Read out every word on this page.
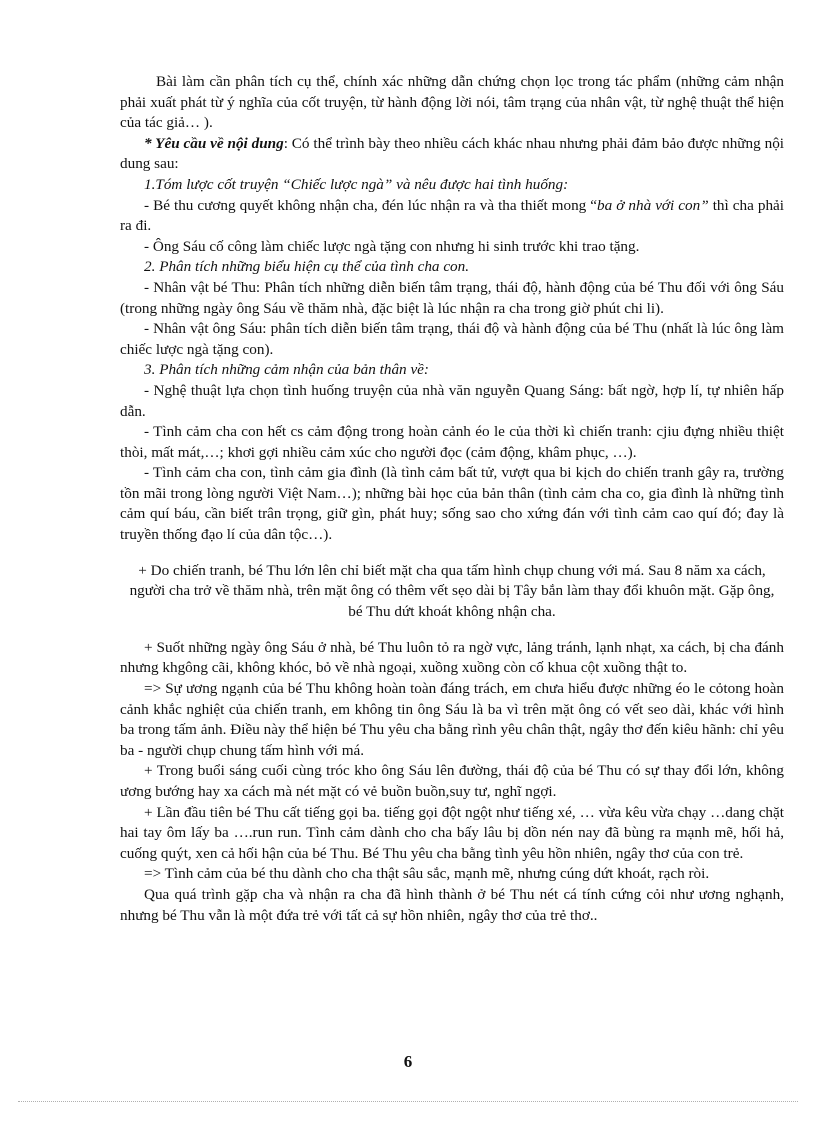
Bài làm cần phân tích cụ thể, chính xác những dẫn chứng chọn lọc trong tác phẩm (những cảm nhận phải xuất phát từ ý nghĩa của cốt truyện, từ hành động lời nói, tâm trạng của nhân vật, từ nghệ thuật thể hiện của tác giả… ).

* Yêu cầu về nội dung: Có thể trình bày theo nhiều cách khác nhau nhưng phải đảm bảo được những nội dung sau:

1.Tóm lược cốt truyện “Chiếc lược ngà” và nêu được hai tình huống:

- Bé thu cương quyết không nhận cha, đén lúc nhận ra và tha thiết mong “ba ở nhà với con” thì cha phải ra đi.

- Ông Sáu cố công làm chiếc lược ngà tặng con nhưng hi sinh trước khi trao tặng.

2. Phân tích những biểu hiện cụ thể của tình cha con.

- Nhân vật bé Thu: Phân tích những diễn biến tâm trạng, thái độ, hành động của bé Thu đối với ông Sáu (trong những ngày ông Sáu về thăm nhà, đặc biệt là lúc nhận ra cha trong giờ phút chi li).

- Nhân vật ông Sáu: phân tích diễn biến tâm trạng, thái độ và hành động của bé Thu (nhất là lúc ông làm chiếc lược ngà tặng con).

3. Phân tích những cảm nhận của bản thân về:

- Nghệ thuật lựa chọn tình huống truyện của nhà văn nguyễn Quang Sáng: bất ngờ, hợp lí, tự nhiên hấp dẫn.

- Tình cảm cha con hết cs cảm động trong hoàn cảnh éo le của thời kì chiến tranh: cjiu đựng nhiều thiệt thòi, mất mát,…; khơi gợi nhiều cảm xúc cho người đọc (cảm động, khâm phục, …).

- Tình cảm cha con, tình cảm gia đình (là tình cảm bất tử, vượt qua bi kịch do chiến tranh gây ra, trường tồn mãi trong lòng người Việt Nam…); những bài học của bản thân (tình cảm cha co, gia đình là những tình cảm quí báu, cần biết trân trọng, giữ gìn, phát huy; sống sao cho xứng đán với tình cảm cao quí đó; đay là truyền thống đạo lí của dân tộc…).

+ Do chiến tranh, bé Thu lớn lên chỉ biết mặt cha qua tấm hình chụp chung với má. Sau 8 năm xa cách, người cha trở về thăm nhà, trên mặt ông có thêm vết sẹo dài bị Tây bắn làm thay đổi khuôn mặt. Gặp ông, bé Thu dứt khoát không nhận cha.

+ Suốt những ngày ông Sáu ở nhà, bé Thu luôn tỏ ra ngờ vực, lảng tránh, lạnh nhạt, xa cách, bị cha đánh nhưng khgông cãi, không khóc, bỏ về nhà ngoại, xuồng xuồng còn cố khua cột xuồng thật to.

=> Sự ương ngạnh của bé Thu không hoàn toàn đáng trách, em chưa hiểu được những éo le cỏtong hoàn cảnh khắc nghiệt của chiến tranh, em không tin ông Sáu là ba vì trên mặt ông có vết seo dài, khác với hình ba trong tấm ảnh. Điều này thể hiện bé Thu yêu cha bằng rình yêu chân thật, ngây thơ đến kiêu hãnh: chỉ yêu ba - người chụp chung tấm hình với má.

+ Trong buổi sáng cuối cùng tróc kho ông Sáu lên đường, thái độ của bé Thu có sự thay đổi lớn, không ương bướng hay xa cách mà nét mặt có vẻ buồn buồn,suy tư, nghĩ ngợi.

+ Lần đầu tiên bé Thu cất tiếng gọi ba. tiếng gọi đột ngột như tiếng xé, … vừa kêu vừa chạy …dang chặt hai tay ôm lấy ba ….run run. Tình cảm dành cho cha bấy lâu bị dồn nén nay đã bùng ra mạnh mẽ, hối hả, cuống quýt, xen cả hối hận của bé Thu. Bé Thu yêu cha bằng tình yêu hồn nhiên, ngây thơ của con trẻ.

=> Tình cảm của bé thu dành cho cha thật sâu sắc, mạnh mẽ, nhưng cúng dứt khoát, rạch ròi.

Qua quá trình gặp cha và nhận ra cha đã hình thành ở bé Thu nét cá tính cứng cỏi như ương nghạnh, nhưng bé Thu vẫn là một đứa trẻ với tất cả sự hồn nhiên, ngây thơ của trẻ thơ..

6
